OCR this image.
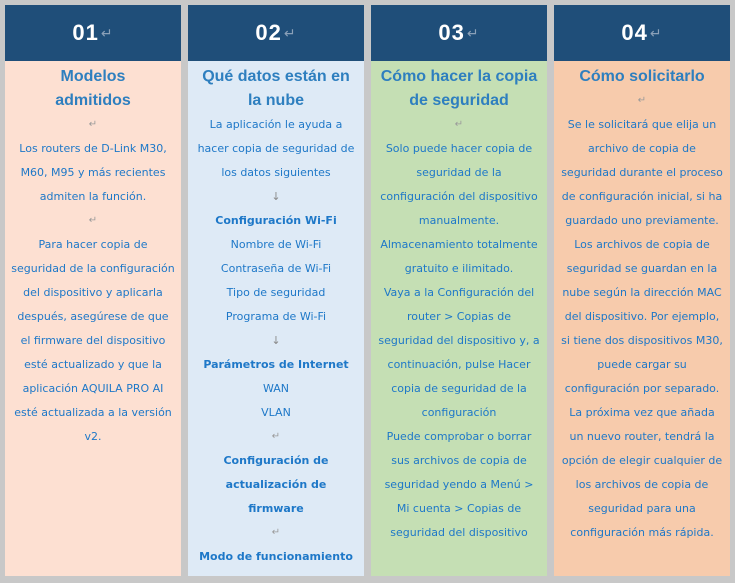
01 ↵

Modelos admitidos

↵

Los routers de D-Link M30, M60, M95 y más recientes admiten la función.

↵

Para hacer copia de seguridad de la configuración del dispositivo y aplicarla después, asegúrese de que el firmware del dispositivo esté actualizado y que la aplicación AQUILA PRO AI esté actualizada a la versión v2.

02 ↵

Qué datos están en la nube

La aplicación le ayuda a hacer copia de seguridad de los datos siguientes

↓

Configuración Wi-Fi

Nombre de Wi-Fi

Contraseña de Wi-Fi

Tipo de seguridad

Programa de Wi-Fi

↓

Parámetros de Internet

WAN

VLAN

↵

Configuración de actualización de firmware

↵

Modo de funcionamiento

03 ↵

Cómo hacer la copia de seguridad

↵

Solo puede hacer copia de seguridad de la configuración del dispositivo manualmente. Almacenamiento totalmente gratuito e ilimitado.

Vaya a la Configuración del router > Copias de seguridad del dispositivo y, a continuación, pulse Hacer copia de seguridad de la configuración

Puede comprobar o borrar sus archivos de copia de seguridad yendo a Menú > Mi cuenta > Copias de seguridad del dispositivo

04 ↵

Cómo solicitarlo

↵

Se le solicitará que elija un archivo de copia de seguridad durante el proceso de configuración inicial, si ha guardado uno previamente.

Los archivos de copia de seguridad se guardan en la nube según la dirección MAC del dispositivo. Por ejemplo, si tiene dos dispositivos M30, puede cargar su configuración por separado.

La próxima vez que añada un nuevo router, tendrá la opción de elegir cualquier de los archivos de copia de seguridad para una configuración más rápida.
